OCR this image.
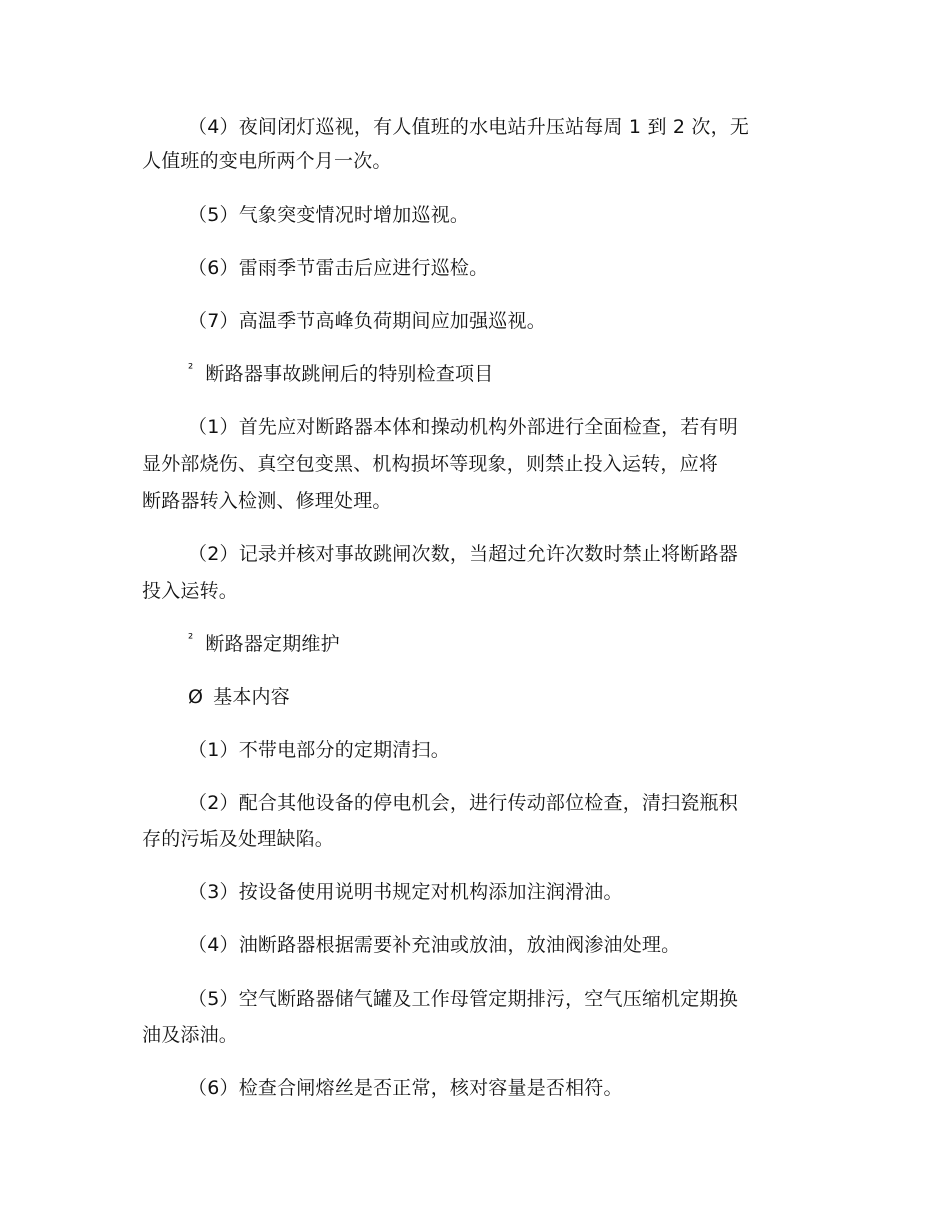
（4）夜间闭灯巡视，有人值班的水电站升压站每周 1 到 2 次，无
人值班的变电所两个月一次。
（5）气象突变情况时增加巡视。
（6）雷雨季节雷击后应进行巡检。
（7）高温季节高峰负荷期间应加强巡视。
$^{^2}$ 断路器事故跳闸后的特别检查项目
（1）首先应对断路器本体和操动机构外部进行全面检查，若有明
显外部烧伤、真空包变黑、机构损坏等现象，则禁止投入运转，应将
断路器转入检测、修理处理。
（2）记录并核对事故跳闸次数，当超过允许次数时禁止将断路器
投入运转。
$^{^2}$ 断路器定期维护
Ø 基本内容
（1）不带电部分的定期清扫。
（2）配合其他设备的停电机会，进行传动部位检查，清扫瓷瓶积
存的污垢及处理缺陷。
（3）按设备使用说明书规定对机构添加注润滑油。
（4）油断路器根据需要补充油或放油，放油阀渗油处理。
（5）空气断路器储气罐及工作母管定期排污，空气压缩机定期换
油及添油。
（6）检查合闸熔丝是否正常，核对容量是否相符。
